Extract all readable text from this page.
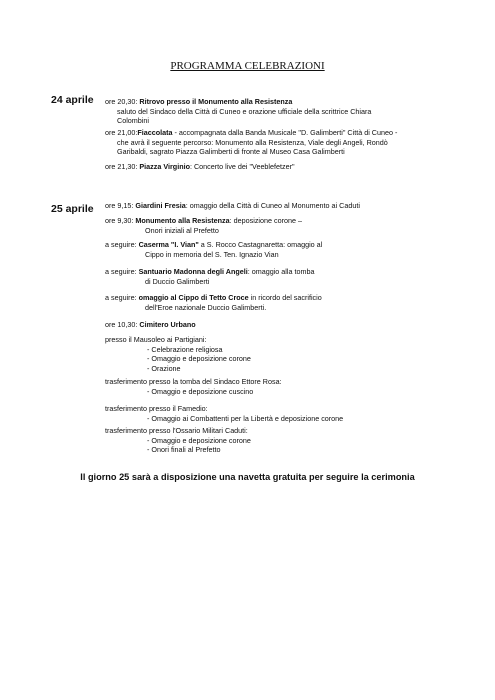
PROGRAMMA CELEBRAZIONI
24 aprile ore 20,30: Ritrovo presso il Monumento alla Resistenza
saluto del Sindaco della Città di Cuneo e orazione ufficiale della scrittrice Chiara
Colombini
ore 21,00:Fiaccolata - accompagnata dalla Banda Musicale "D. Galimberti" Città di Cuneo -
che avrà il seguente percorso: Monumento alla Resistenza, Viale degli Angeli, Rondò
Garibaldi, sagrato Piazza Galimberti di fronte al Museo Casa Galimberti
ore 21,30: Piazza Virginio: Concerto live dei "Veeblefetzer"
25 aprile ore 9,15: Giardini Fresia: omaggio della Città di Cuneo al Monumento ai Caduti
ore 9,30: Monumento alla Resistenza: deposizione corone –
Onori iniziali al Prefetto
a seguire: Caserma "I. Vian" a S. Rocco Castagnaretta: omaggio al
Cippo in memoria del S. Ten. Ignazio Vian
a seguire: Santuario Madonna degli Angeli: omaggio alla tomba
di Duccio Galimberti
a seguire: omaggio al Cippo di Tetto Croce in ricordo del sacrificio
dell'Eroe nazionale Duccio Galimberti.
ore 10,30: Cimitero Urbano
presso il Mausoleo ai Partigiani:
- Celebrazione religiosa
- Omaggio e deposizione corone
- Orazione
trasferimento presso la tomba del Sindaco Ettore Rosa:
- Omaggio e deposizione cuscino
trasferimento presso il Famedio:
- Omaggio ai Combattenti per la Libertà e deposizione corone
trasferimento presso l'Ossario Militari Caduti:
- Omaggio e deposizione corone
- Onori finali al Prefetto
Il giorno 25 sarà a disposizione una navetta gratuita per seguire la cerimonia
